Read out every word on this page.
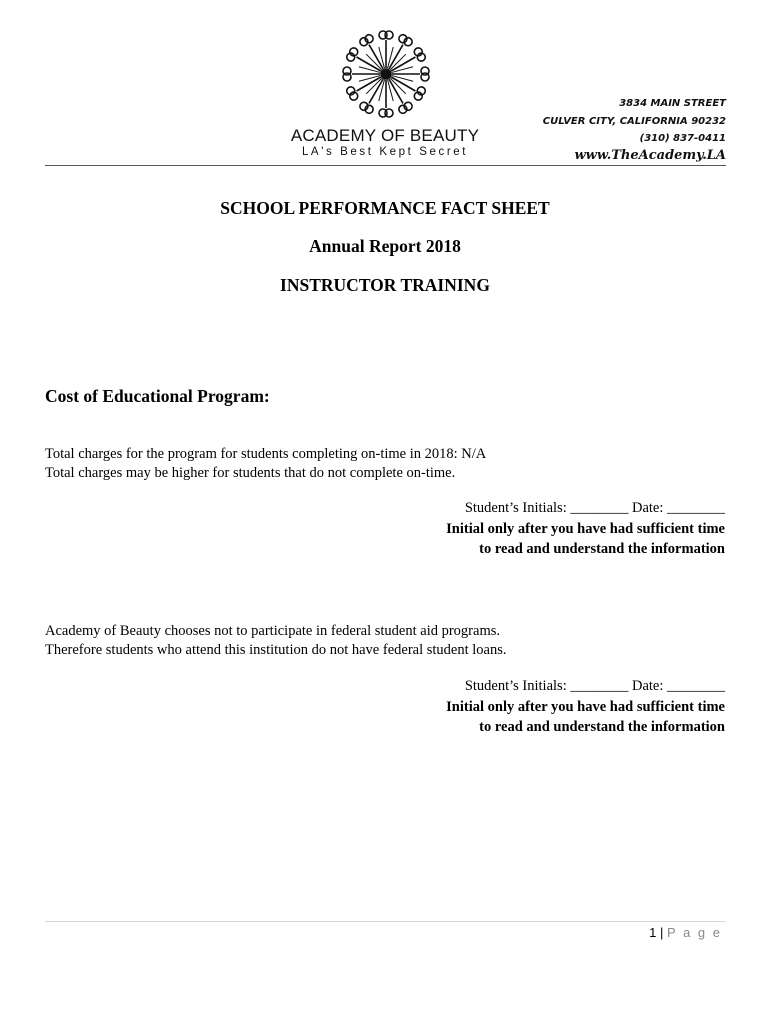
ACADEMY OF BEAUTY
LA's Best Kept Secret
3834 MAIN STREET
CULVER CITY, CALIFORNIA 90232
(310) 837-0411
www.TheAcademy.LA
SCHOOL PERFORMANCE FACT SHEET
Annual Report 2018
INSTRUCTOR TRAINING
Cost of Educational Program:
Total charges for the program for students completing on-time in 2018: N/A
Total charges may be higher for students that do not complete on-time.
Student’s Initials: ________ Date: ________
Initial only after you have had sufficient time
to read and understand the information
Academy of Beauty chooses not to participate in federal student aid programs.
Therefore students who attend this institution do not have federal student loans.
Student’s Initials: ________ Date: ________
Initial only after you have had sufficient time
to read and understand the information
1 | P a g e
